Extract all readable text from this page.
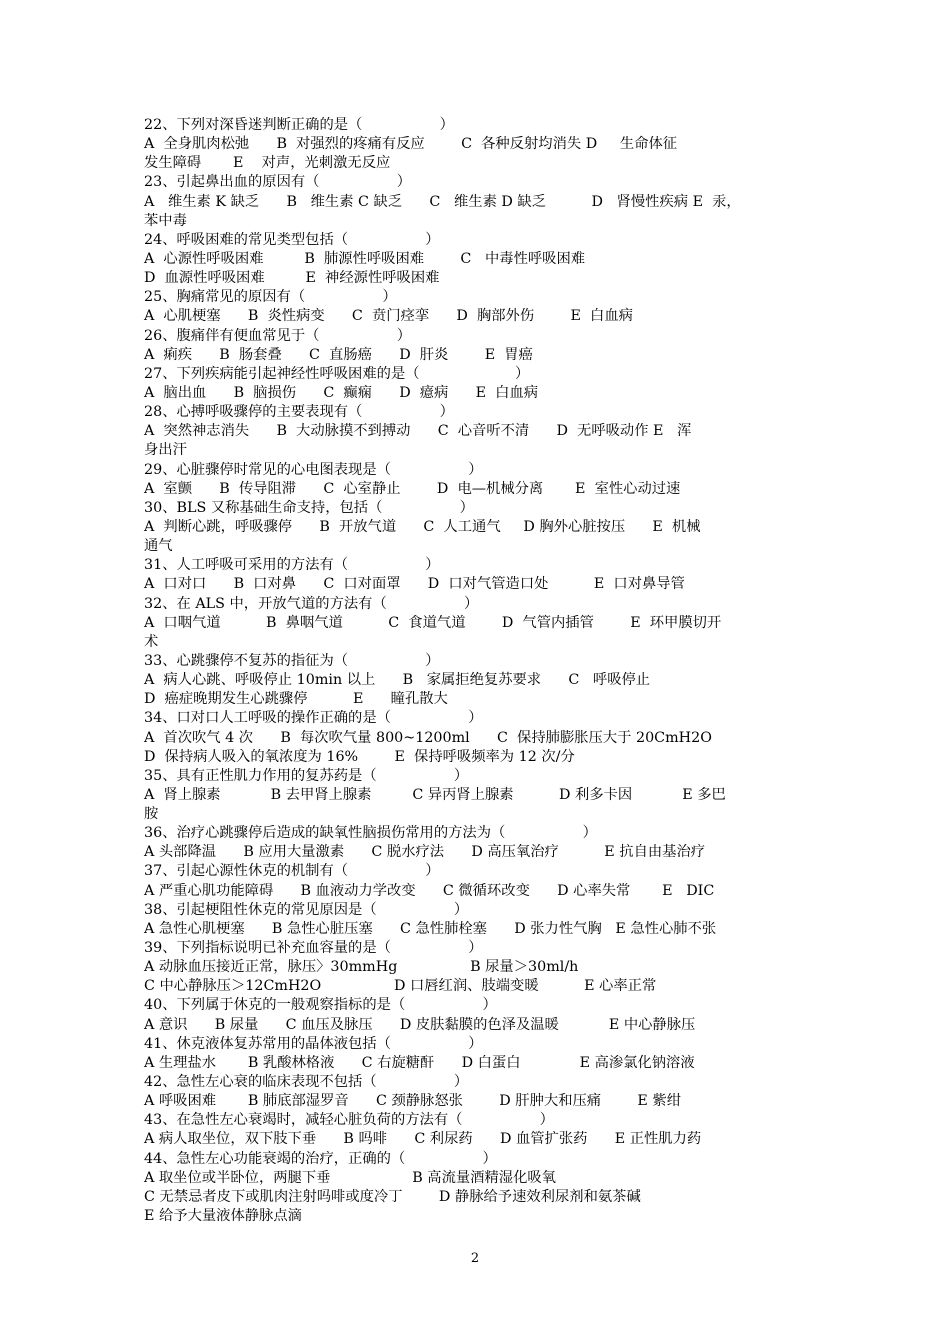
22、下列对深昏迷判断正确的是（                 ）
A  全身肌肉松弛      B  对强烈的疼痛有反应        C  各种反射均消失 D     生命体征
发生障碍       E    对声，光刺激无反应
23、引起鼻出血的原因有（                 ）
A   维生素 K 缺乏      B   维生素 C 缺乏      C   维生素 D 缺乏          D   肾慢性疾病 E  汞，
苯中毒
24、呼吸困难的常见类型包括（                 ）
A  心源性呼吸困难         B  肺源性呼吸困难        C   中毒性呼吸困难
D  血源性呼吸困难         E  神经源性呼吸困难
25、胸痛常见的原因有（                 ）
A  心肌梗塞      B  炎性病变      C  贲门痉挛      D  胸部外伤        E  白血病
26、腹痛伴有便血常见于（                 ）
A  痢疾      B  肠套叠      C  直肠癌      D  肝炎        E  胃癌
27、下列疾病能引起神经性呼吸困难的是（                     ）
A  脑出血      B  脑损伤      C  癫痫      D  癔病      E  白血病
28、心搏呼吸骤停的主要表现有（                 ）
A  突然神志消失      B  大动脉摸不到搏动      C  心音听不清      D  无呼吸动作 E   浑
身出汗
29、心脏骤停时常见的心电图表现是（                 ）
A  室颤      B  传导阻滞      C  心室静止        D  电—机械分离       E  室性心动过速
30、BLS 又称基础生命支持，包括（                 ）
A  判断心跳，呼吸骤停      B  开放气道      C  人工通气     D 胸外心脏按压      E  机械
通气
31、人工呼吸可采用的方法有（                 ）
A  口对口      B  口对鼻      C  口对面罩      D  口对气管造口处          E  口对鼻导管
32、在 ALS 中，开放气道的方法有（                 ）
A  口咽气道          B  鼻咽气道          C  食道气道        D  气管内插管        E  环甲膜切开
术
33、心跳骤停不复苏的指征为（                 ）
A  病人心跳、呼吸停止 10min 以上      B   家属拒绝复苏要求      C   呼吸停止
D  癌症晚期发生心跳骤停          E      瞳孔散大
34、口对口人工呼吸的操作正确的是（                 ）
A  首次吹气 4 次      B  每次吹气量 800~1200ml      C  保持肺膨胀压大于 20CmH2O
D  保持病人吸入的氧浓度为 16%        E  保持呼吸频率为 12 次/分
35、具有正性肌力作用的复苏药是（                 ）
A  肾上腺素           B 去甲肾上腺素         C 异丙肾上腺素          D 利多卡因           E 多巴
胺
36、治疗心跳骤停后造成的缺氧性脑损伤常用的方法为（                 ）
A 头部降温      B 应用大量激素      C 脱水疗法      D 高压氧治疗          E 抗自由基治疗
37、引起心源性休克的机制有（                 ）
A 严重心肌功能障碍      B 血液动力学改变      C 微循环改变      D 心率失常       E   DIC
38、引起梗阻性休克的常见原因是（                 ）
A 急性心肌梗塞      B 急性心脏压塞      C 急性肺栓塞      D 张力性气胸   E 急性心肺不张
39、下列指标说明已补充血容量的是（                 ）
A 动脉血压接近正常，脉压〉30mmHg                B 尿量＞30ml/h
C 中心静脉压＞12CmH2O                D 口唇红润、肢端变暖          E 心率正常
40、下列属于休克的一般观察指标的是（                 ）
A 意识      B 尿量      C 血压及脉压      D 皮肤黏膜的色泽及温暖           E 中心静脉压
41、休克液体复苏常用的晶体液包括（                 ）
A 生理盐水       B 乳酸林格液      C 右旋糖酐      D 白蛋白             E 高渗氯化钠溶液
42、急性左心衰的临床表现不包括（                 ）
A 呼吸困难       B 肺底部湿罗音      C 颈静脉怒张        D 肝肿大和压痛        E 紫绀
43、在急性左心衰竭时，减轻心脏负荷的方法有（                 ）
A 病人取坐位，双下肢下垂      B 吗啡      C 利尿药      D 血管扩张药      E 正性肌力药
44、急性左心功能衰竭的治疗，正确的（                 ）
A 取坐位或半卧位，两腿下垂                  B 高流量酒精湿化吸氧
C 无禁忌者皮下或肌肉注射吗啡或度冷丁        D 静脉给予速效利尿剂和氨茶碱
E 给予大量液体静脉点滴
2
